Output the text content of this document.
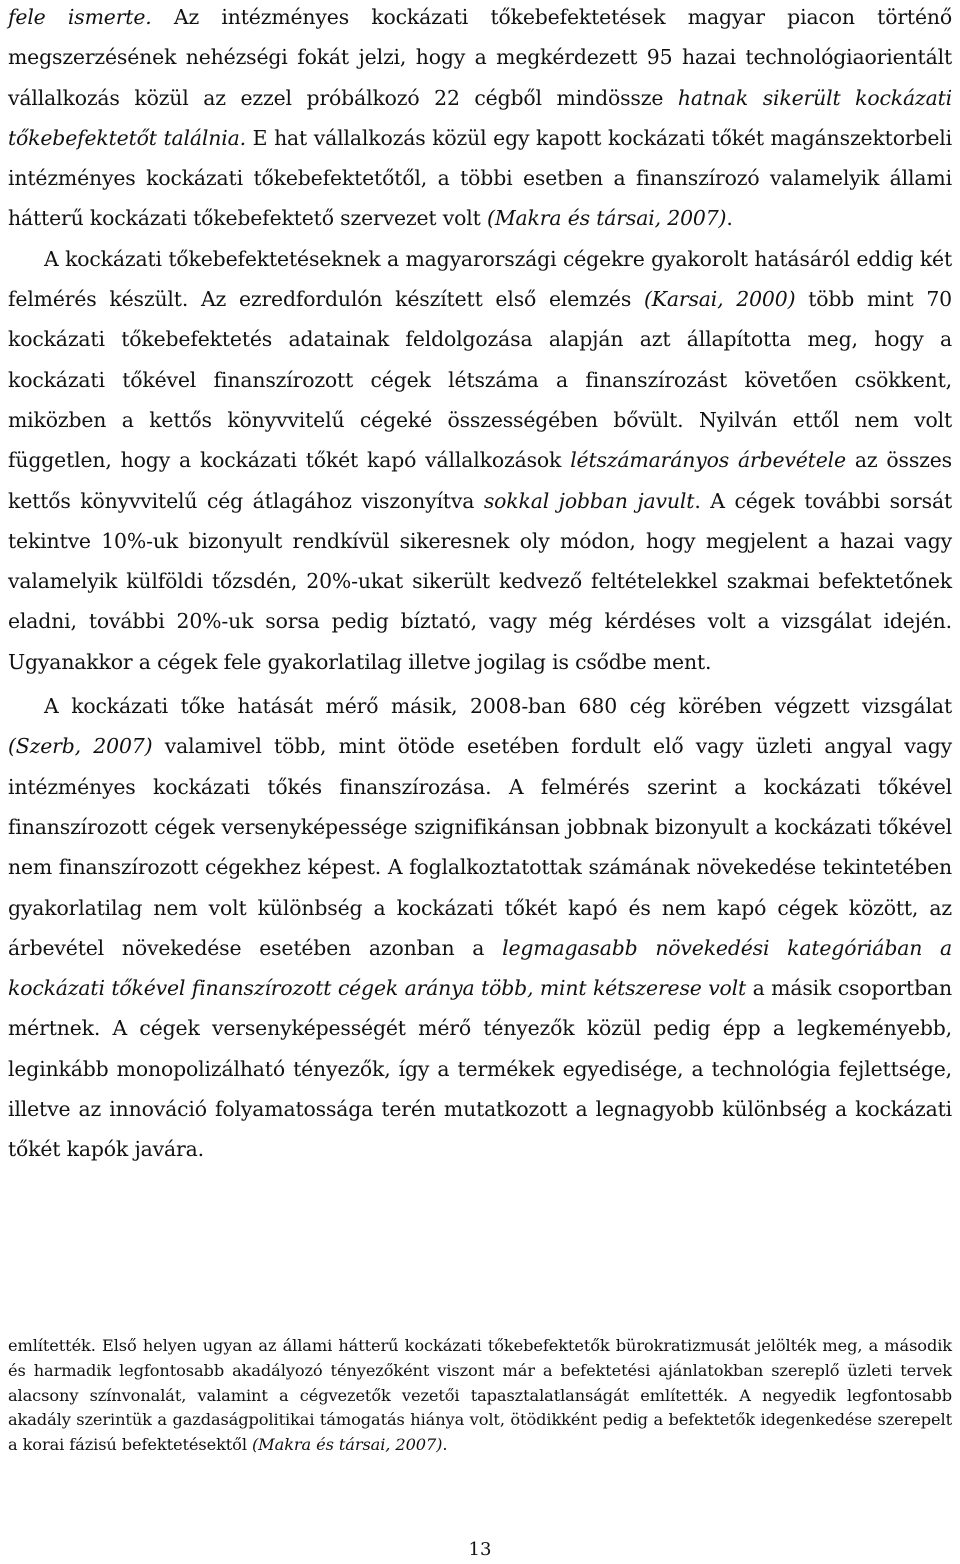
fele ismerte. Az intézményes kockázati tőkebefektetések magyar piacon történő megszerzésének nehézségi fokát jelzi, hogy a megkérdezett 95 hazai technológiaorientált vállalkozás közül az ezzel próbálkozó 22 cégből mindössze hatnak sikerült kockázati tőkebefektetőt találnia. E hat vállalkozás közül egy kapott kockázati tőkét magánszektorbeli intézményes kockázati tőkebefektetőtől, a többi esetben a finanszírozó valamelyik állami hátterű kockázati tőkebefektető szervezet volt (Makra és társai, 2007).

A kockázati tőkebefektetéseknek a magyarországi cégekre gyakorolt hatásáról eddig két felmérés készült. Az ezredfordulón készített első elemzés (Karsai, 2000) több mint 70 kockázati tőkebefektetés adatainak feldolgozása alapján azt állapította meg, hogy a kockázati tőkével finanszírozott cégek létszáma a finanszírozást követően csökkent, miközben a kettős könyvvitelű cégeké összességében bővült. Nyilván ettől nem volt független, hogy a kockázati tőkét kapó vállalkozások létszámarányos árbevétele az összes kettős könyvvitelű cég átlagához viszonyítva sokkal jobban javult. A cégek további sorsát tekintve 10%-uk bizonyult rendkívül sikeresnek oly módon, hogy megjelent a hazai vagy valamelyik külföldi tőzsdén, 20%-ukat sikerült kedvező feltételekkel szakmai befektetőnek eladni, további 20%-uk sorsa pedig bíztató, vagy még kérdéses volt a vizsgálat idején. Ugyanakkor a cégek fele gyakorlatilag illetve jogilag is csődbe ment.

A kockázati tőke hatását mérő másik, 2008-ban 680 cég körében végzett vizsgálat (Szerb, 2007) valamivel több, mint ötöde esetében fordult elő vagy üzleti angyal vagy intézményes kockázati tőkés finanszírozása. A felmérés szerint a kockázati tőkével finanszírozott cégek versenyképessége szignifikánsan jobbnak bizonyult a kockázati tőkével nem finanszírozott cégekhez képest. A foglalkoztatottak számának növekedése tekintetében gyakorlatilag nem volt különbség a kockázati tőkét kapó és nem kapó cégek között, az árbevétel növekedése esetében azonban a legmagasabb növekedési kategóriában a kockázati tőkével finanszírozott cégek aránya több, mint kétszerese volt a másik csoportban mértnek. A cégek versenyképességét mérő tényezők közül pedig épp a legkeményebb, leginkább monopolizálható tényezők, így a termékek egyedisége, a technológia fejlettsége, illetve az innováció folyamatossága terén mutatkozott a legnagyobb különbség a kockázati tőkét kapók javára.

említették. Első helyen ugyan az állami hátterű kockázati tőkebefektetők bürokratizmusát jelölték meg, a második és harmadik legfontosabb akadályozó tényezőként viszont már a befektetési ajánlatokban szereplő üzleti tervek alacsony színvonalát, valamint a cégvezetők vezetői tapasztalatlanságát említették. A negyedik legfontosabb akadály szerintük a gazdaságpolitikai támogatás hiánya volt, ötödikként pedig a befektetők idegenkedése szerepelt a korai fázisú befektetésektől (Makra és társai, 2007).

13
